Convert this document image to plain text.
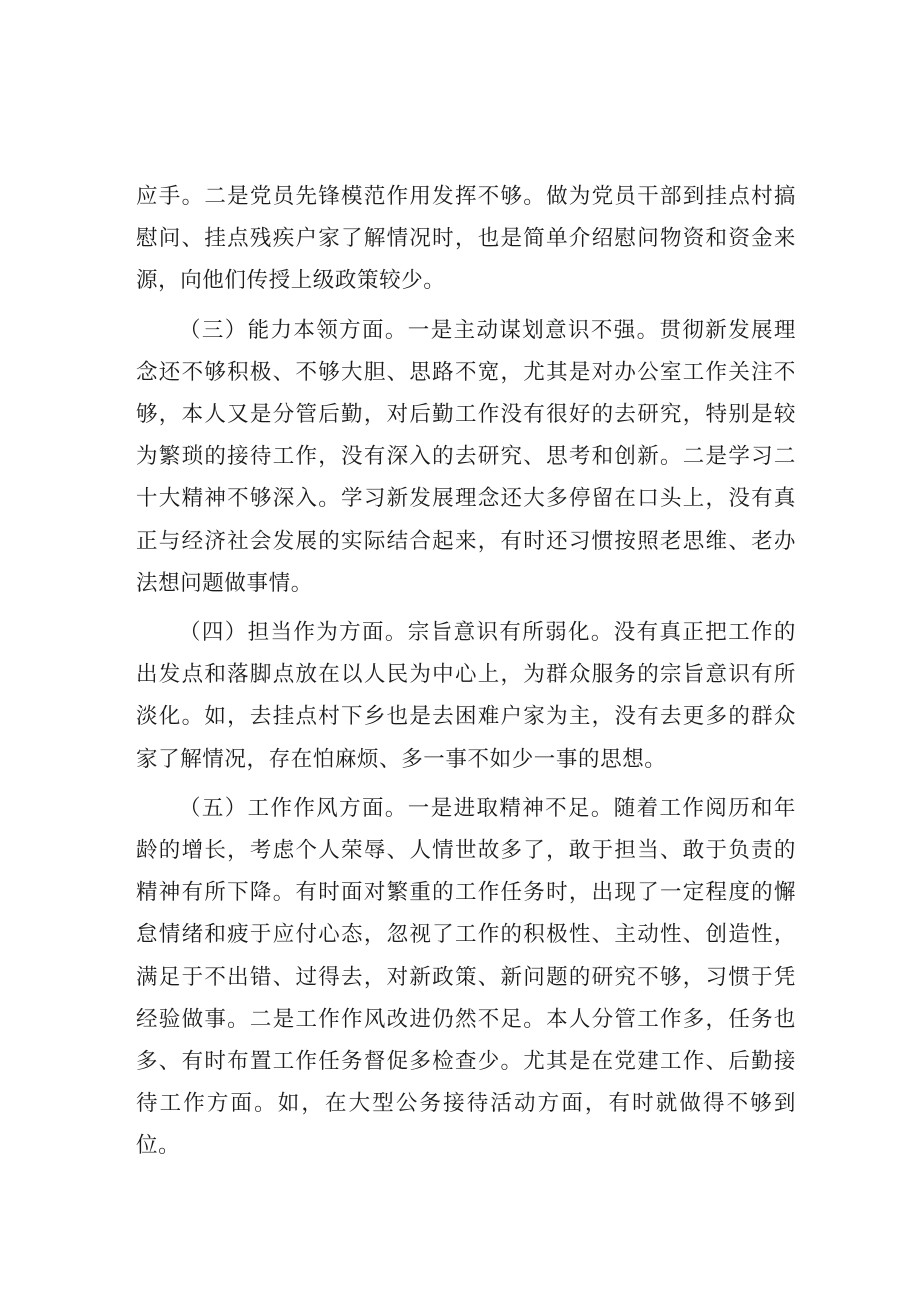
应手。二是党员先锋模范作用发挥不够。做为党员干部到挂点村搞慰问、挂点残疾户家了解情况时，也是简单介绍慰问物资和资金来源，向他们传授上级政策较少。

（三）能力本领方面。一是主动谋划意识不强。贯彻新发展理念还不够积极、不够大胆、思路不宽，尤其是对办公室工作关注不够，本人又是分管后勤，对后勤工作没有很好的去研究，特别是较为繁琐的接待工作，没有深入的去研究、思考和创新。二是学习二十大精神不够深入。学习新发展理念还大多停留在口头上，没有真正与经济社会发展的实际结合起来，有时还习惯按照老思维、老办法想问题做事情。

（四）担当作为方面。宗旨意识有所弱化。没有真正把工作的出发点和落脚点放在以人民为中心上，为群众服务的宗旨意识有所淡化。如，去挂点村下乡也是去困难户家为主，没有去更多的群众家了解情况，存在怕麻烦、多一事不如少一事的思想。

（五）工作作风方面。一是进取精神不足。随着工作阅历和年龄的增长，考虑个人荣辱、人情世故多了，敢于担当、敢于负责的精神有所下降。有时面对繁重的工作任务时，出现了一定程度的懈怠情绪和疲于应付心态，忽视了工作的积极性、主动性、创造性，满足于不出错、过得去，对新政策、新问题的研究不够，习惯于凭经验做事。二是工作作风改进仍然不足。本人分管工作多，任务也多、有时布置工作任务督促多检查少。尤其是在党建工作、后勤接待工作方面。如，在大型公务接待活动方面，有时就做得不够到位。
